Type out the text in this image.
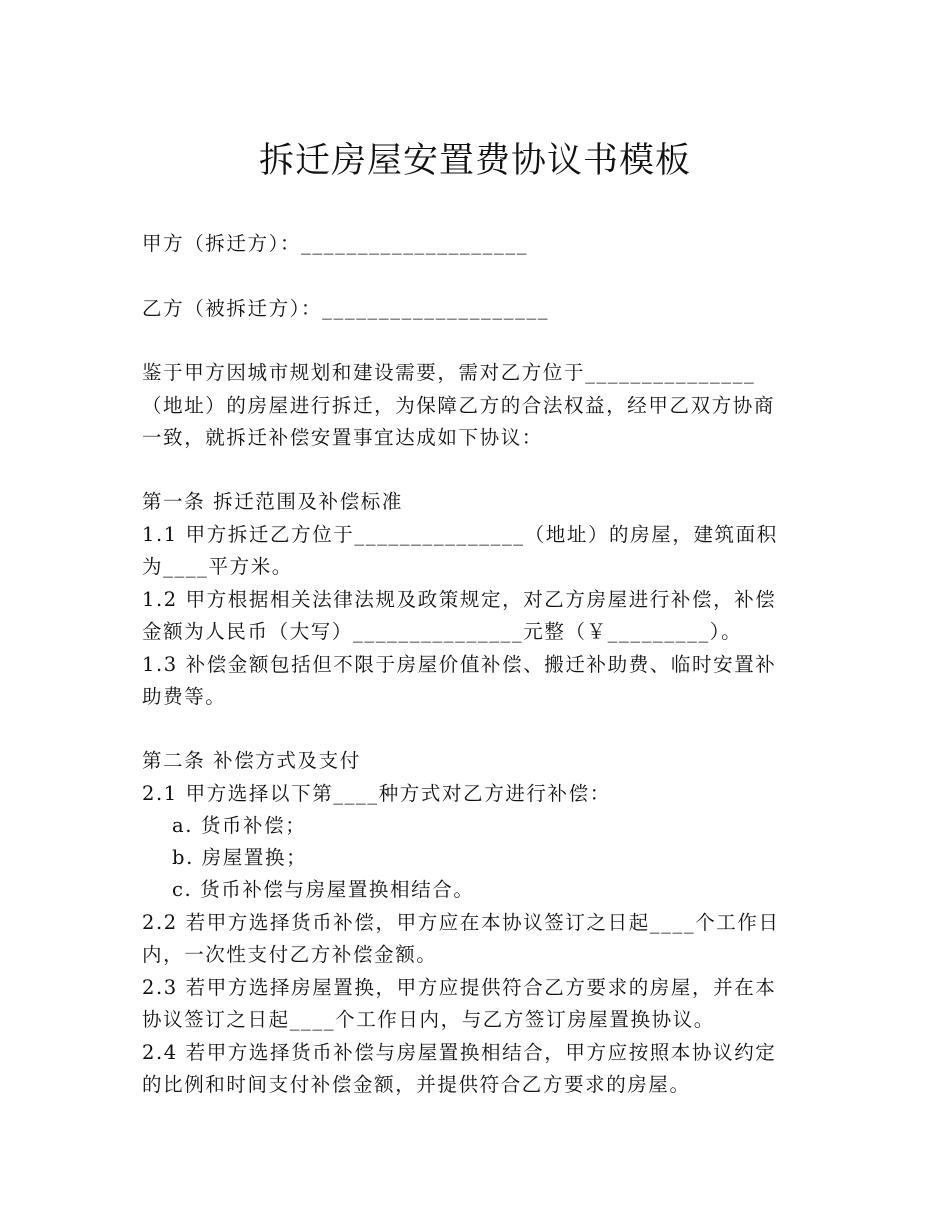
拆迁房屋安置费协议书模板

甲方（拆迁方）：____________________

乙方（被拆迁方）：____________________

鉴于甲方因城市规划和建设需要，需对乙方位于_______________

（地址）的房屋进行拆迁，为保障乙方的合法权益，经甲乙双方协商

一致，就拆迁补偿安置事宜达成如下协议：

第一条 拆迁范围及补偿标准

1.1 甲方拆迁乙方位于_______________（地址）的房屋，建筑面积

为____平方米。

1.2 甲方根据相关法律法规及政策规定，对乙方房屋进行补偿，补偿

金额为人民币（大写）_______________元整（￥_________）。

1.3 补偿金额包括但不限于房屋价值补偿、搬迁补助费、临时安置补

助费等。

第二条 补偿方式及支付

2.1 甲方选择以下第____种方式对乙方进行补偿：

a. 货币补偿；

b. 房屋置换；

c. 货币补偿与房屋置换相结合。

2.2 若甲方选择货币补偿，甲方应在本协议签订之日起____个工作日

内，一次性支付乙方补偿金额。

2.3 若甲方选择房屋置换，甲方应提供符合乙方要求的房屋，并在本

协议签订之日起____个工作日内，与乙方签订房屋置换协议。

2.4 若甲方选择货币补偿与房屋置换相结合，甲方应按照本协议约定

的比例和时间支付补偿金额，并提供符合乙方要求的房屋。
